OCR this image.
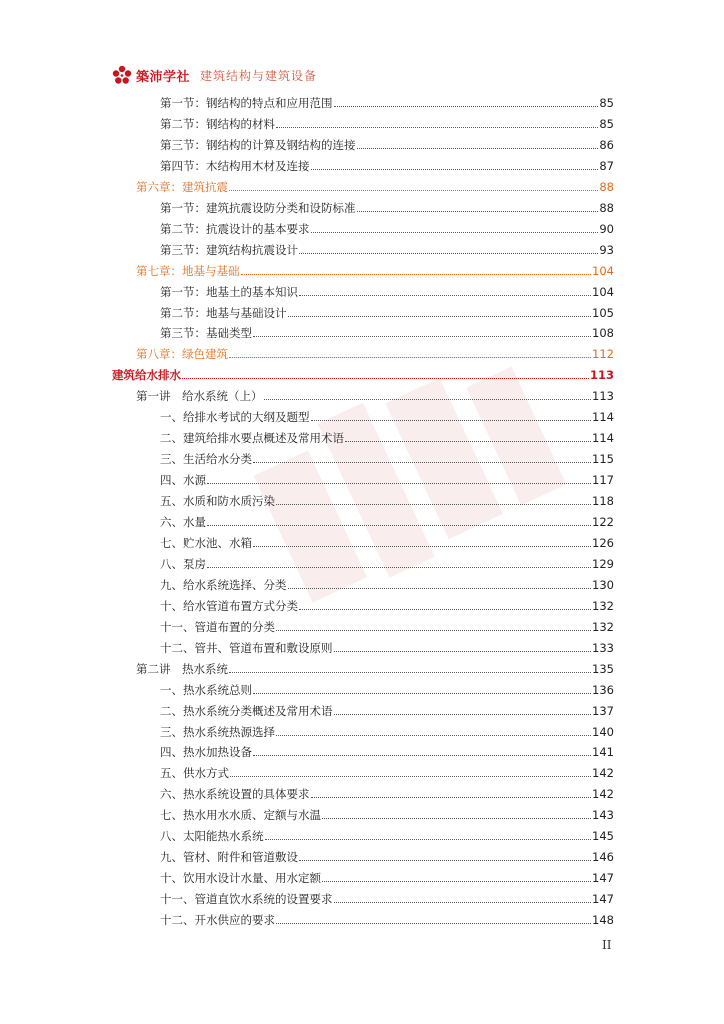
築沛学社 建筑结构与建筑设备
第一节：钢结构的特点和应用范围	85
第二节：钢结构的材料	85
第三节：钢结构的计算及钢结构的连接	86
第四节：木结构用木材及连接	87
第六章：建筑抗震	88
第一节：建筑抗震设防分类和设防标准	88
第二节：抗震设计的基本要求	90
第三节：建筑结构抗震设计	93
第七章：地基与基础	104
第一节：地基土的基本知识	104
第二节：地基与基础设计	105
第三节：基础类型	108
第八章：绿色建筑	112
建筑给水排水	113
第一讲　给水系统（上）	113
一、给排水考试的大纲及题型	114
二、建筑给排水要点概述及常用术语	114
三、生活给水分类	115
四、水源	117
五、水质和防水质污染	118
六、水量	122
七、贮水池、水箱	126
八、泵房	129
九、给水系统选择、分类	130
十、给水管道布置方式分类	132
十一、管道布置的分类	132
十二、管井、管道布置和敷设原则	133
第二讲　热水系统	135
一、热水系统总则	136
二、热水系统分类概述及常用术语	137
三、热水系统热源选择	140
四、热水加热设备	141
五、供水方式	142
六、热水系统设置的具体要求	142
七、热水用水水质、定额与水温	143
八、太阳能热水系统	145
九、管材、附件和管道敷设	146
十、饮用水设计水量、用水定额	147
十一、管道直饮水系统的设置要求	147
十二、开水供应的要求	148
II
